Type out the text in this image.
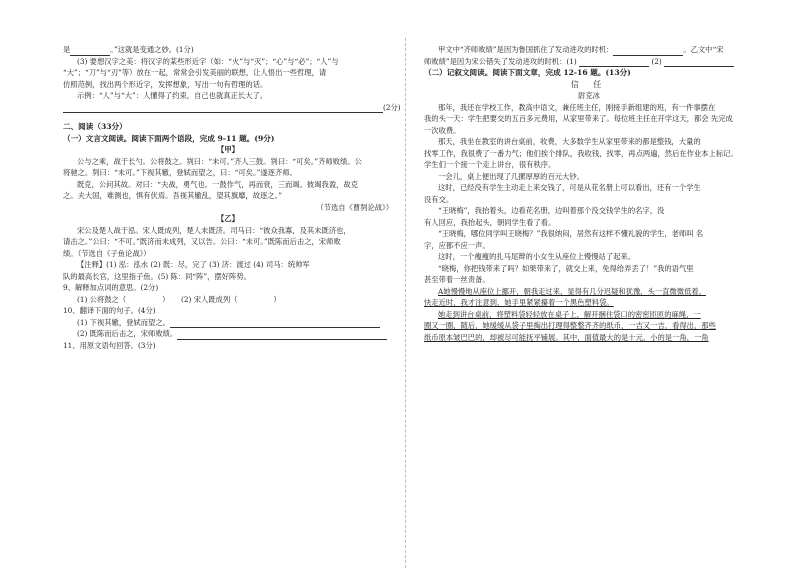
是	。”这就是变通之妙。(1分)
(3) 要想汉字之美：将汉字的某些形近字（如：“火”与“灭”；“心”与“必”；“人”与
“大”；“刀”与“刃”等）放在一起，常常会引发美丽的联想，让人悟出一些哲理，请
仿照范例，找出两个形近字，发挥想象，写出一句有哲理的话。
示例：“人”与“大”：人懂得了约束，自己也就真正长大了。
(2分)
二、阅读（33分）
（一）文言文阅读。阅读下面两个语段，完成 9-11 题。(9分)
【甲】
公与之乘，战于长勺。公将鼓之。刿曰：“未可。”齐人三鼓。刿曰：“可矣。”齐师败绩。公
将驰之。刿曰：“未可。”下视其辙，登轼而望之，曰：“可矣。”遂逐齐师。
既克，公问其故。对曰：“夫战，勇气也。一鼓作气，再而衰，三而竭。彼竭我盈，故克
之。夫大国，难测也，惧有伏焉。吾视其辙乱，望其旗靡，故逐之。”
（节选自《曹刿论战》）
【乙】
宋公及楚人战于泓。宋人既成列，楚人未既济。司马曰：“彼众我寡，及其未既济也，
请击之。”公曰：“不可。”既济而未成列，又以告。公曰：“未可。”既陈而后击之，宋师败
绩。（节选自《子鱼论战》）
【注释】(1) 泓：泓水 (2) 既：尽，完了 (3) 济：渡过 (4) 司马：统帅军
队的最高长官，这里指子鱼。(5) 陈：同“阵”，摆好阵势。
9、解释加点词的意思。(2分)
(1) 公将鼓之（	） (2) 宋人既成列（	）
10、翻译下面的句子。(4分)
(1) 下视其辙，登轼而望之。
(2) 既陈而后击之，宋师败绩。
11、用原文语句回答。(3分)
甲文中“齐师败绩”是因为鲁国抓住了发动进攻的时机：	。乙文中“宋
师败绩”是因为宋公错失了发动进攻的时机：(1)	(2)
（二）记叙文阅读。阅读下面文章，完成 12-16 题。(13分)
信 任
尉克冰
那年，我还在学校工作，教高中语文，兼任班主任，刚接手新组建的班，有一件事摆在
我的头一天：学生把要交的五百多元费用，从家里带来了。每位班主任在开学这天，都会 先完成
一次收费。
那天，我坐在教室的讲台桌前，收费，大多数学生从家里带来的都是整钱，大量的
找零工作，我很费了一番力气；他们挨个排队，我收钱，找零，再点两遍，然后在作业本上标记。
学生们一个接一个走上讲台，很有秩序。
一会儿，桌上便出现了几摞厚厚的百元大钞。
这时，已经没有学生主动走上来交钱了，可是从花名册上可以看出，还有一个学生
没有交。
“王晓梅”，我抬着头，边看花名册，边叫着那个没交钱学生的名字，没
有人回应，我抬起头，朝同学生看了看。
“王晓梅，哪位同学叫王晓梅？”我很纳闷，居然有这样不懂礼貌的学生，老师叫 名
字，应都不应一声。
这时，一个瘦瘦的扎马尾辫的小女生从座位上慢慢站了起来。
“晓梅，你把钱带来了吗？如果带来了，就交上来，免得给弄丢了！”我的语气里
甚至带着一丝责备。
A她慢慢地从座位上挪开，朝我走过来，显得有几分迟疑和犹豫，头一直微微低着。
快走近时，我才注意到，她手里紧紧攥着一个黑色塑料袋。
她走到讲台桌前，将塑料袋轻轻放在桌子上，解开捆住袋口的密密匝匝的麻绳，一
圈又一圈，随后，她缓缓从袋子里掏出打理得整整齐齐的纸币，一吉又一吉，看得出，那些
纸币原本皱巴巴的，却被尽可能抚平铺展。其中，面值最大的是十元，小的是一角，一角
